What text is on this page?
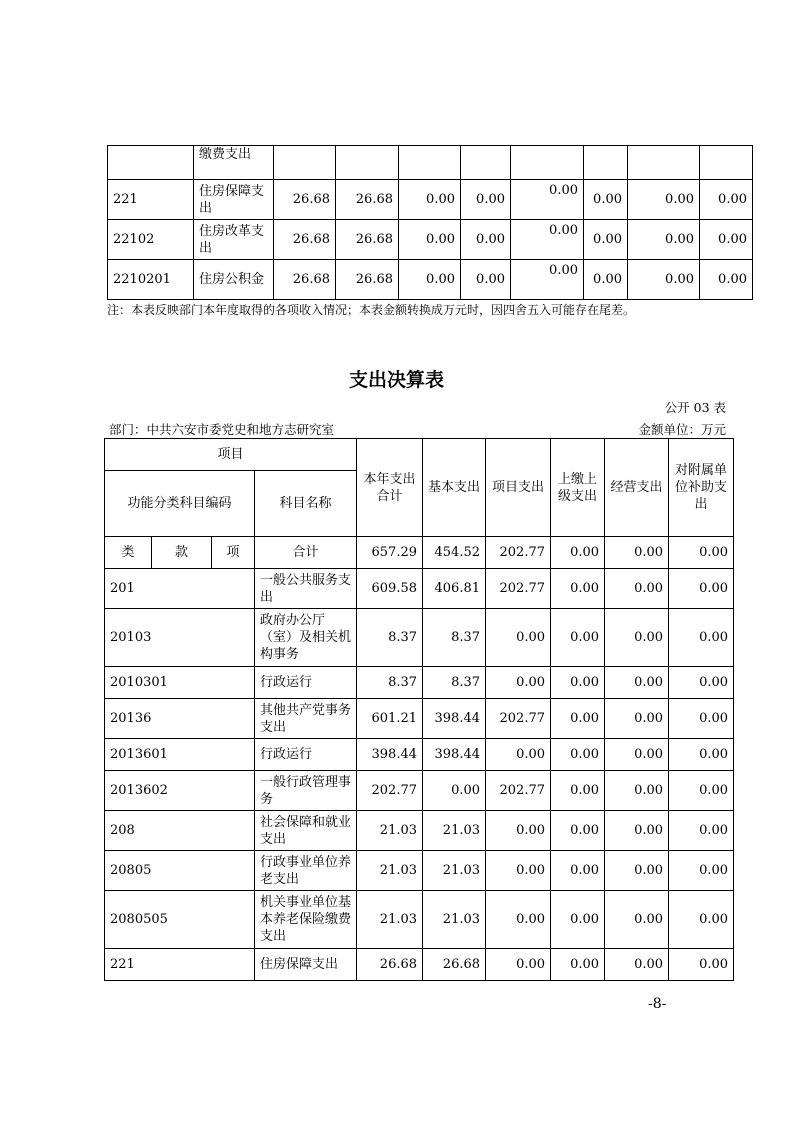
	缴费支出								
221	住房保障支出	26.68	26.68	0.00	0.00	0.00	0.00	0.00	0.00
22102	住房改革支出	26.68	26.68	0.00	0.00	0.00	0.00	0.00	0.00
2210201	住房公积金	26.68	26.68	0.00	0.00	0.00	0.00	0.00	0.00
注：本表反映部门本年度取得的各项收入情况；本表金额转换成万元时，因四舍五入可能存在尾差。
支出决算表
公开 03 表
部门：中共六安市委党史和地方志研究室	金额单位：万元
项目				本年支出合计	基本支出	项目支出	上缴上级支出	经营支出	对附属单位补助支出
功能分类科目编码			科目名称						
类	款	项	合计	657.29	454.52	202.77	0.00	0.00	0.00
201			一般公共服务支出	609.58	406.81	202.77	0.00	0.00	0.00
20103			政府办公厅（室）及相关机构事务	8.37	8.37	0.00	0.00	0.00	0.00
2010301			行政运行	8.37	8.37	0.00	0.00	0.00	0.00
20136			其他共产党事务支出	601.21	398.44	202.77	0.00	0.00	0.00
2013601			行政运行	398.44	398.44	0.00	0.00	0.00	0.00
2013602			一般行政管理事务	202.77	0.00	202.77	0.00	0.00	0.00
208			社会保障和就业支出	21.03	21.03	0.00	0.00	0.00	0.00
20805			行政事业单位养老支出	21.03	21.03	0.00	0.00	0.00	0.00
2080505			机关事业单位基本养老保险缴费支出	21.03	21.03	0.00	0.00	0.00	0.00
221			住房保障支出	26.68	26.68	0.00	0.00	0.00	0.00
-8-
